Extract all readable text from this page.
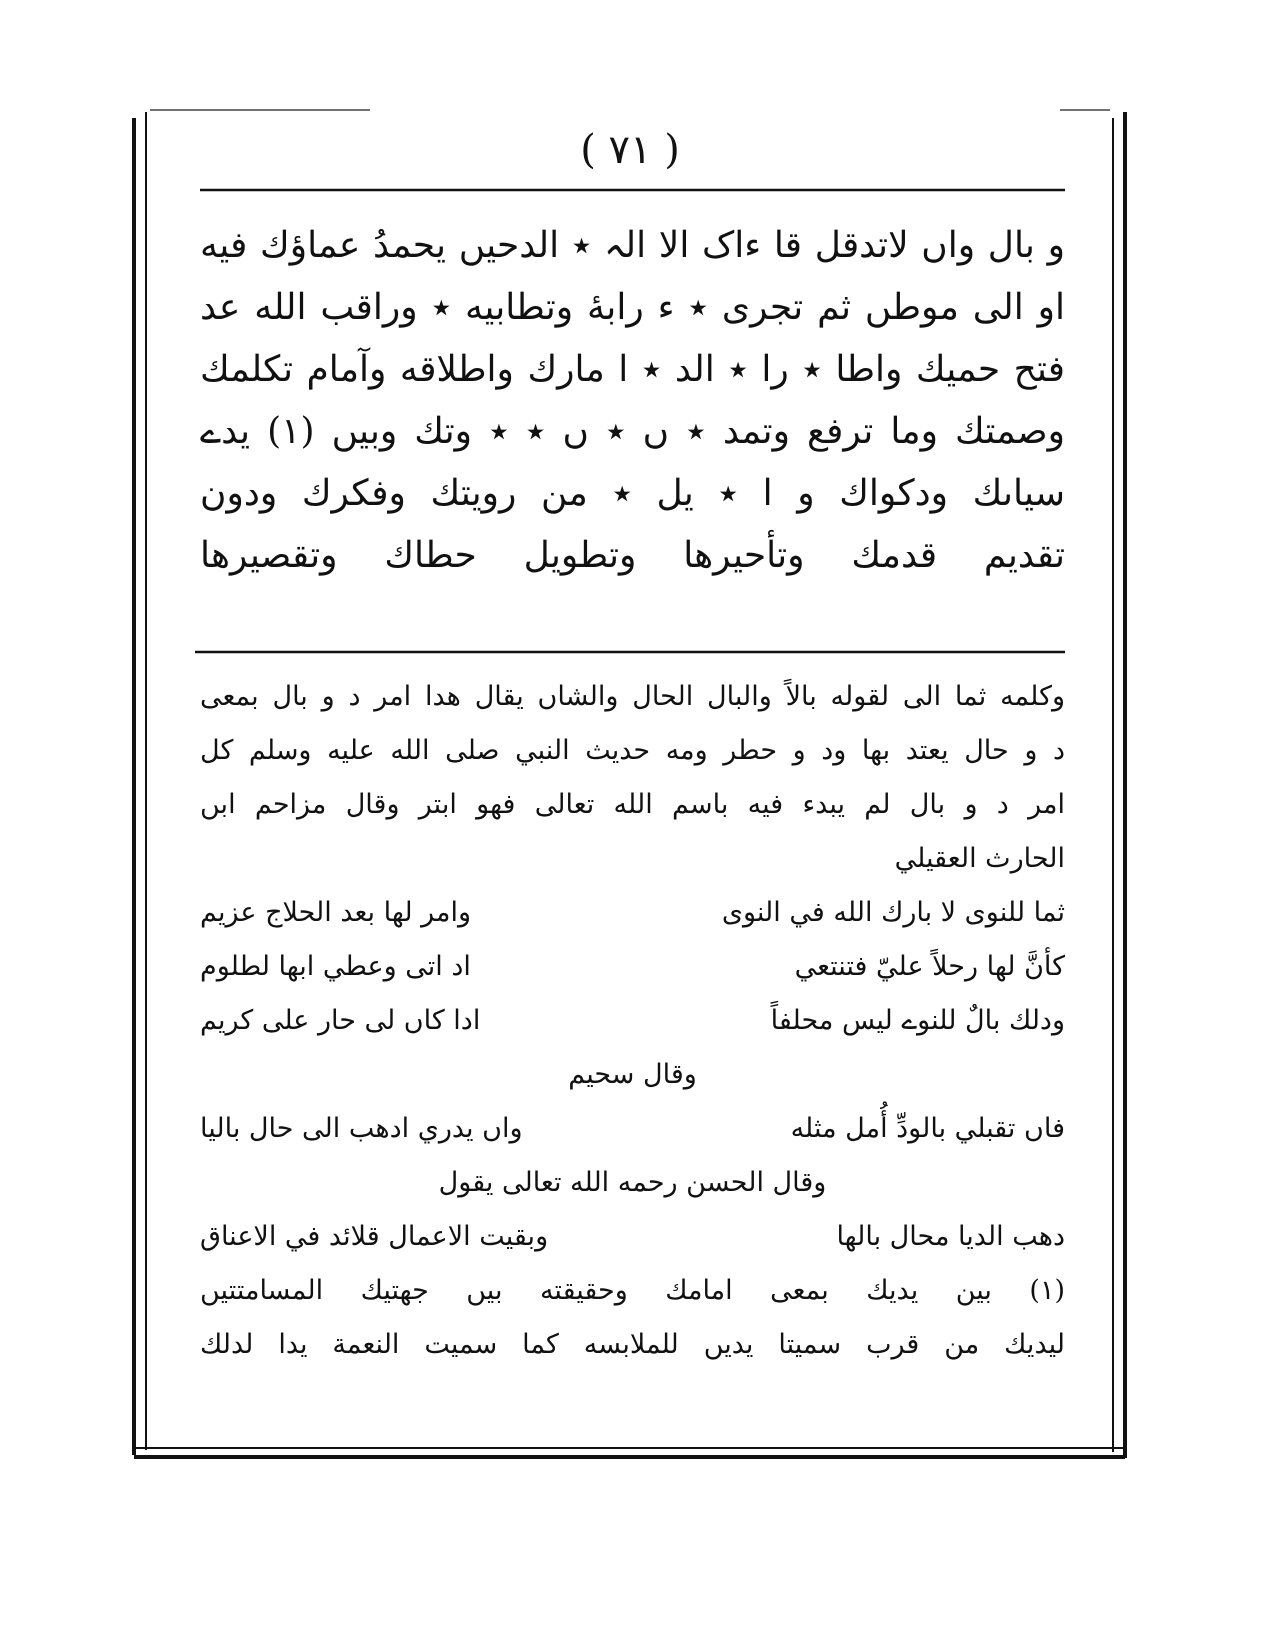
( ٧١ )
و بال واں لاتدقل قا ءاک الا الہ ٭ الدحیں یحمدُ عماؤك فیه
او الی موطں ثم تجری ٭ ء رابهٔ وتطابیه ٭ وراقب الله عد
فتح حمیك واطا ٭ را ٭ الد ٭ ا مارك واطلاقه وآمام تكلمك
وصمتك وما ترفع وتمد ٭ ں ٭ ں ٭ ٭ وتك وبیں (١) یدے
سیاںك ودكواك و ا ٭ یل ٭ من رویتك وفكرك ودون
تقدیم قدمك وتأحیرها وتطویل حطاك وتقصیرها
وكلمه ثما الی لقوله بالاً والبال الحال والشاں یقال هدا امر د و بال بمعی
د و حال یعتد بها ود و حطر ومه حدیث النبي صلى الله علیه وسلم كل
امر د و بال لم یبدء فیه باسم الله تعالی فهو ابتر وقال مزاحم ابں
الحارث العقیلي
ثما للنوی لا بارك الله في النوی
وامر لها بعد الحلاج عزیم
كأنَّ لها رحلاً عليّ فتنتعي
اد اتی وعطي ابها لطلوم
ودلك بالٌ للنوے لیس محلفاً
ادا كاں لی حار علی كریم
وقال سحیم
فاں تقبلي بالودِّ أُمل مثله
واں یدري ادهب الی حال بالیا
وقال الحسن رحمه الله تعالی یقول
دهب الدیا محال بالها
وبقیت الاعمال قلائد في الاعناق
(١) بین یدیك بمعی امامك وحقیقته بیں جهتیك المسامتتیں
لیدیك من قرب سمیتا یدیں للملابسه كما سمیت النعمة یدا لدلك
